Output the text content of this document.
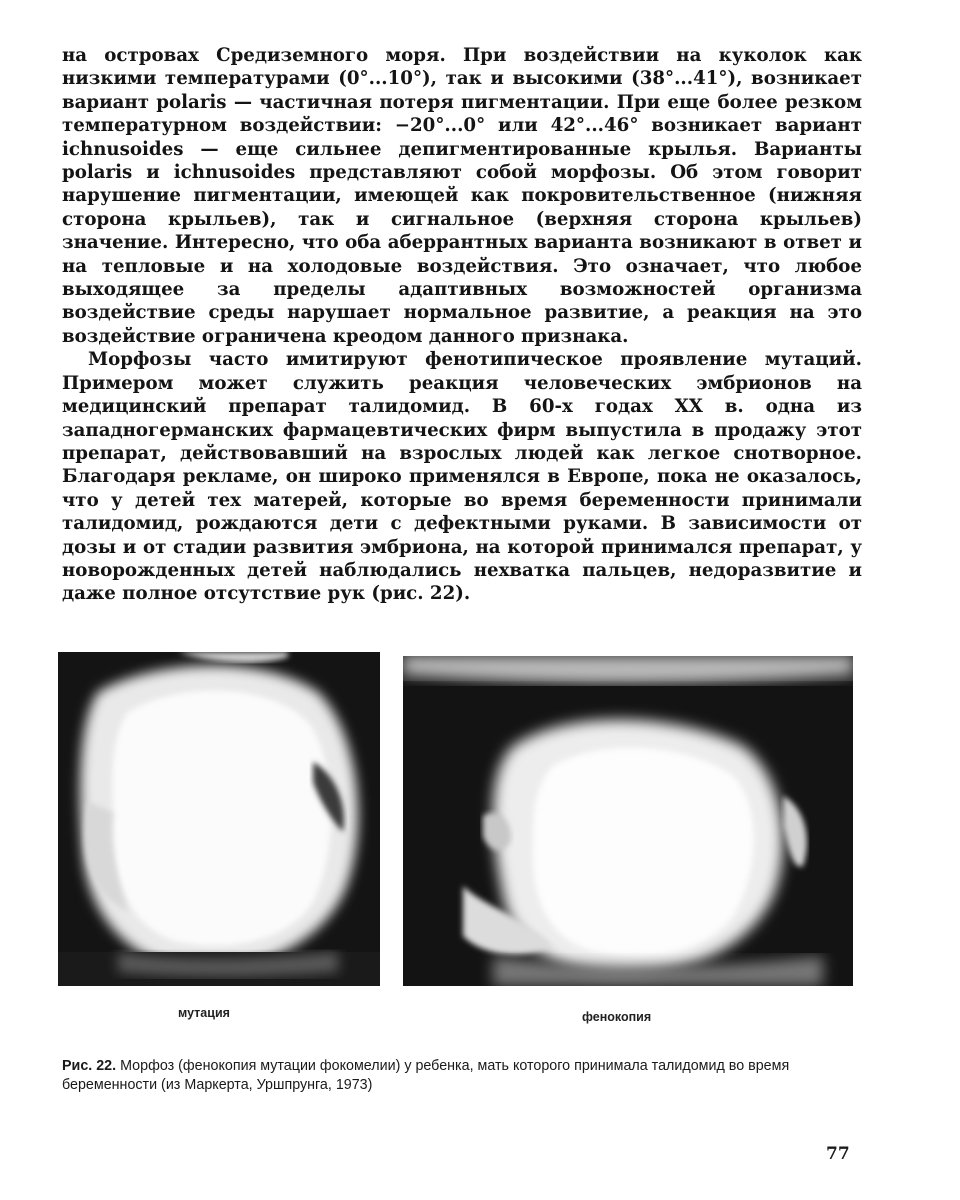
на островах Средиземного моря. При воздействии на куколок как низкими температурами (0°...10°), так и высокими (38°...41°), возникает вариант polaris — частичная потеря пигментации. При еще более резком температурном воздействии: −20°...0° или 42°...46° возникает вариант ichnusoides — еще сильнее депигментированные крылья. Варианты polaris и ichnusoides представляют собой морфозы. Об этом говорит нарушение пигментации, имеющей как покровительственное (нижняя сторона крыльев), так и сигнальное (верхняя сторона крыльев) значение. Интересно, что оба аберрантных варианта возникают в ответ и на тепловые и на холодовые воздействия. Это означает, что любое выходящее за пределы адаптивных возможностей организма воздействие среды нарушает нормальное развитие, а реакция на это воздействие ограничена креодом данного признака.

Морфозы часто имитируют фенотипическое проявление мутаций. Примером может служить реакция человеческих эмбрионов на медицинский препарат талидомид. В 60-х годах XX в. одна из западногерманских фармацевтических фирм выпустила в продажу этот препарат, действовавший на взрослых людей как легкое снотворное. Благодаря рекламе, он широко применялся в Европе, пока не оказалось, что у детей тех матерей, которые во время беременности принимали талидомид, рождаются дети с дефектными руками. В зависимости от дозы и от стадии развития эмбриона, на которой принимался препарат, у новорожденных детей наблюдались нехватка пальцев, недоразвитие и даже полное отсутствие рук (рис. 22).

мутация	фенокопия
Рис. 22. Морфоз (фенокопия мутации фокомелии) у ребенка, мать которого принимала талидомид во время беременности (из Маркерта, Уршпрунга, 1973)
77
